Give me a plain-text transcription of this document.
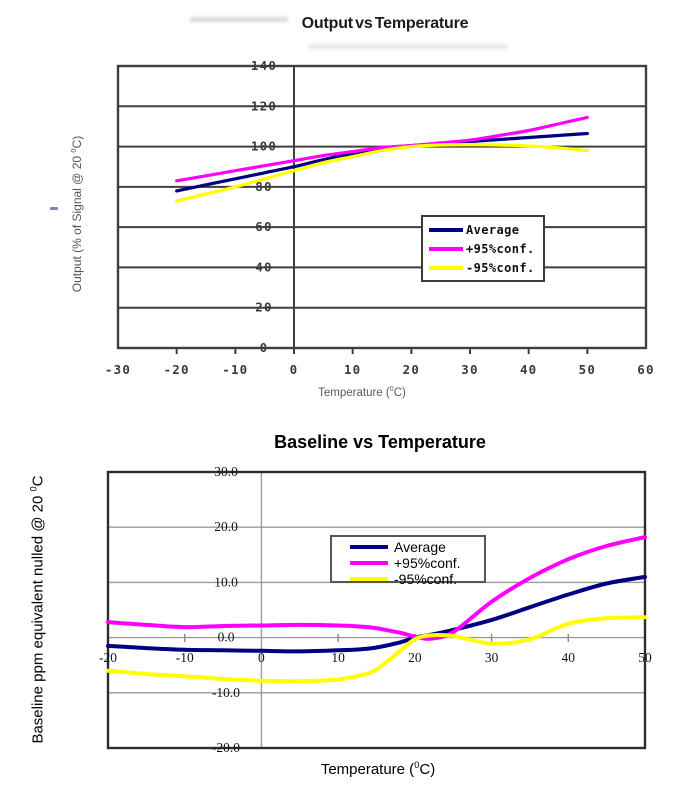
Output vs Temperature
Baseline vs Temperature
Output (% of Signal @ 20 $^0$C)
Temperature ($^0$C)
Baseline ppm equivalent nulled @ 20 $^0$C
Temperature ($^0$C)
Average
+95%conf.
-95%conf.
Average
+95%conf.
-95%conf.
0
20
40
60
80
100
120
140
-30	-20	-10	0	10	20	30	40	50	60
-20.0
-10.0
0.0
10.0
20.0
30.0
-20	-10	0	10	20	30	40	50
